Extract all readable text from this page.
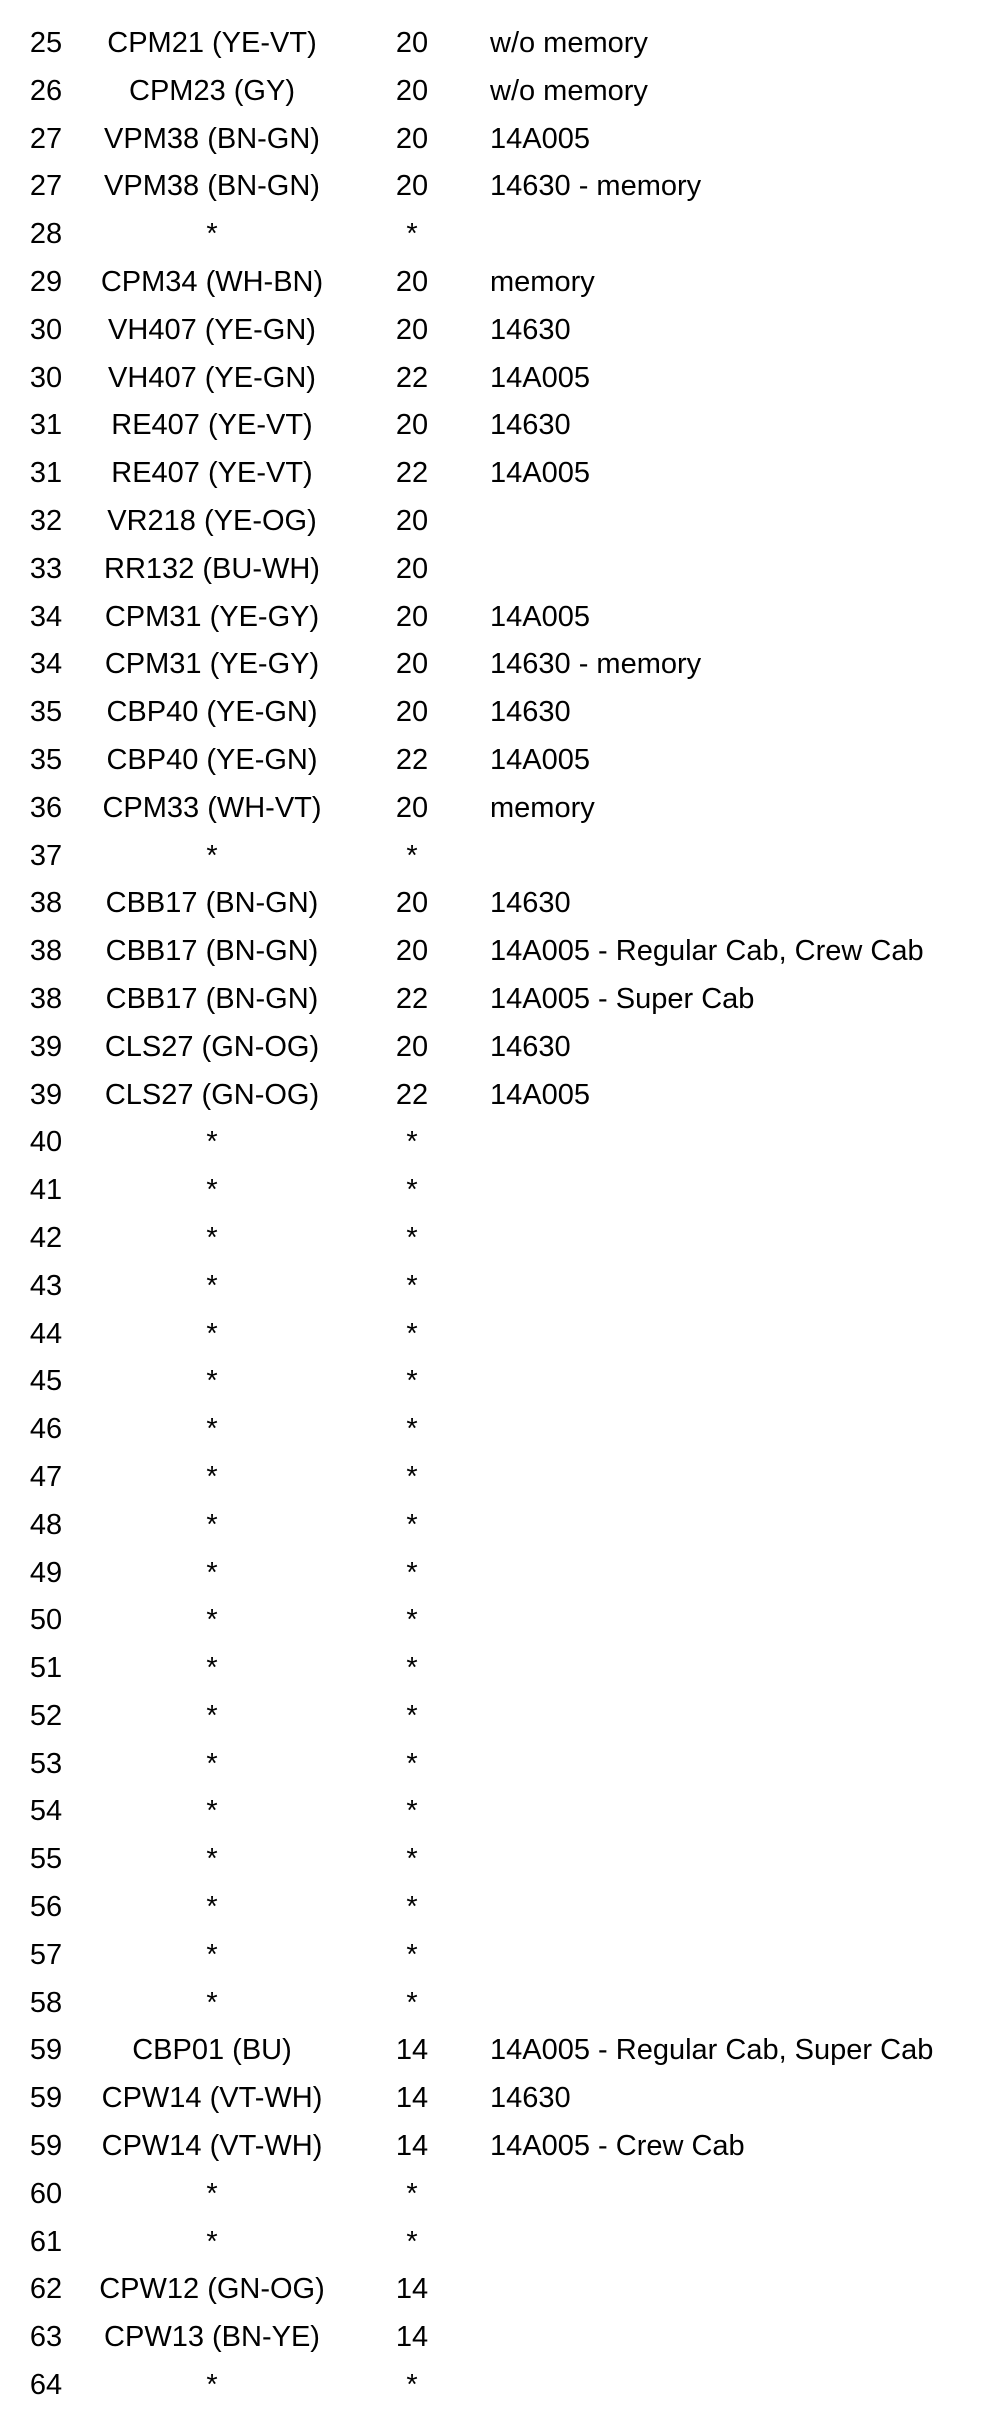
25	CPM21 (YE-VT)	20	w/o memory
26	CPM23 (GY)	20	w/o memory
27	VPM38 (BN-GN)	20	14A005
27	VPM38 (BN-GN)	20	14630 - memory
28	*	*
29	CPM34 (WH-BN)	20	memory
30	VH407 (YE-GN)	20	14630
30	VH407 (YE-GN)	22	14A005
31	RE407 (YE-VT)	20	14630
31	RE407 (YE-VT)	22	14A005
32	VR218 (YE-OG)	20
33	RR132 (BU-WH)	20
34	CPM31 (YE-GY)	20	14A005
34	CPM31 (YE-GY)	20	14630 - memory
35	CBP40 (YE-GN)	20	14630
35	CBP40 (YE-GN)	22	14A005
36	CPM33 (WH-VT)	20	memory
37	*	*
38	CBB17 (BN-GN)	20	14630
38	CBB17 (BN-GN)	20	14A005 - Regular Cab, Crew Cab
38	CBB17 (BN-GN)	22	14A005 - Super Cab
39	CLS27 (GN-OG)	20	14630
39	CLS27 (GN-OG)	22	14A005
40	*	*
41	*	*
42	*	*
43	*	*
44	*	*
45	*	*
46	*	*
47	*	*
48	*	*
49	*	*
50	*	*
51	*	*
52	*	*
53	*	*
54	*	*
55	*	*
56	*	*
57	*	*
58	*	*
59	CBP01 (BU)	14	14A005 - Regular Cab, Super Cab
59	CPW14 (VT-WH)	14	14630
59	CPW14 (VT-WH)	14	14A005 - Crew Cab
60	*	*
61	*	*
62	CPW12 (GN-OG)	14
63	CPW13 (BN-YE)	14
64	*	*
